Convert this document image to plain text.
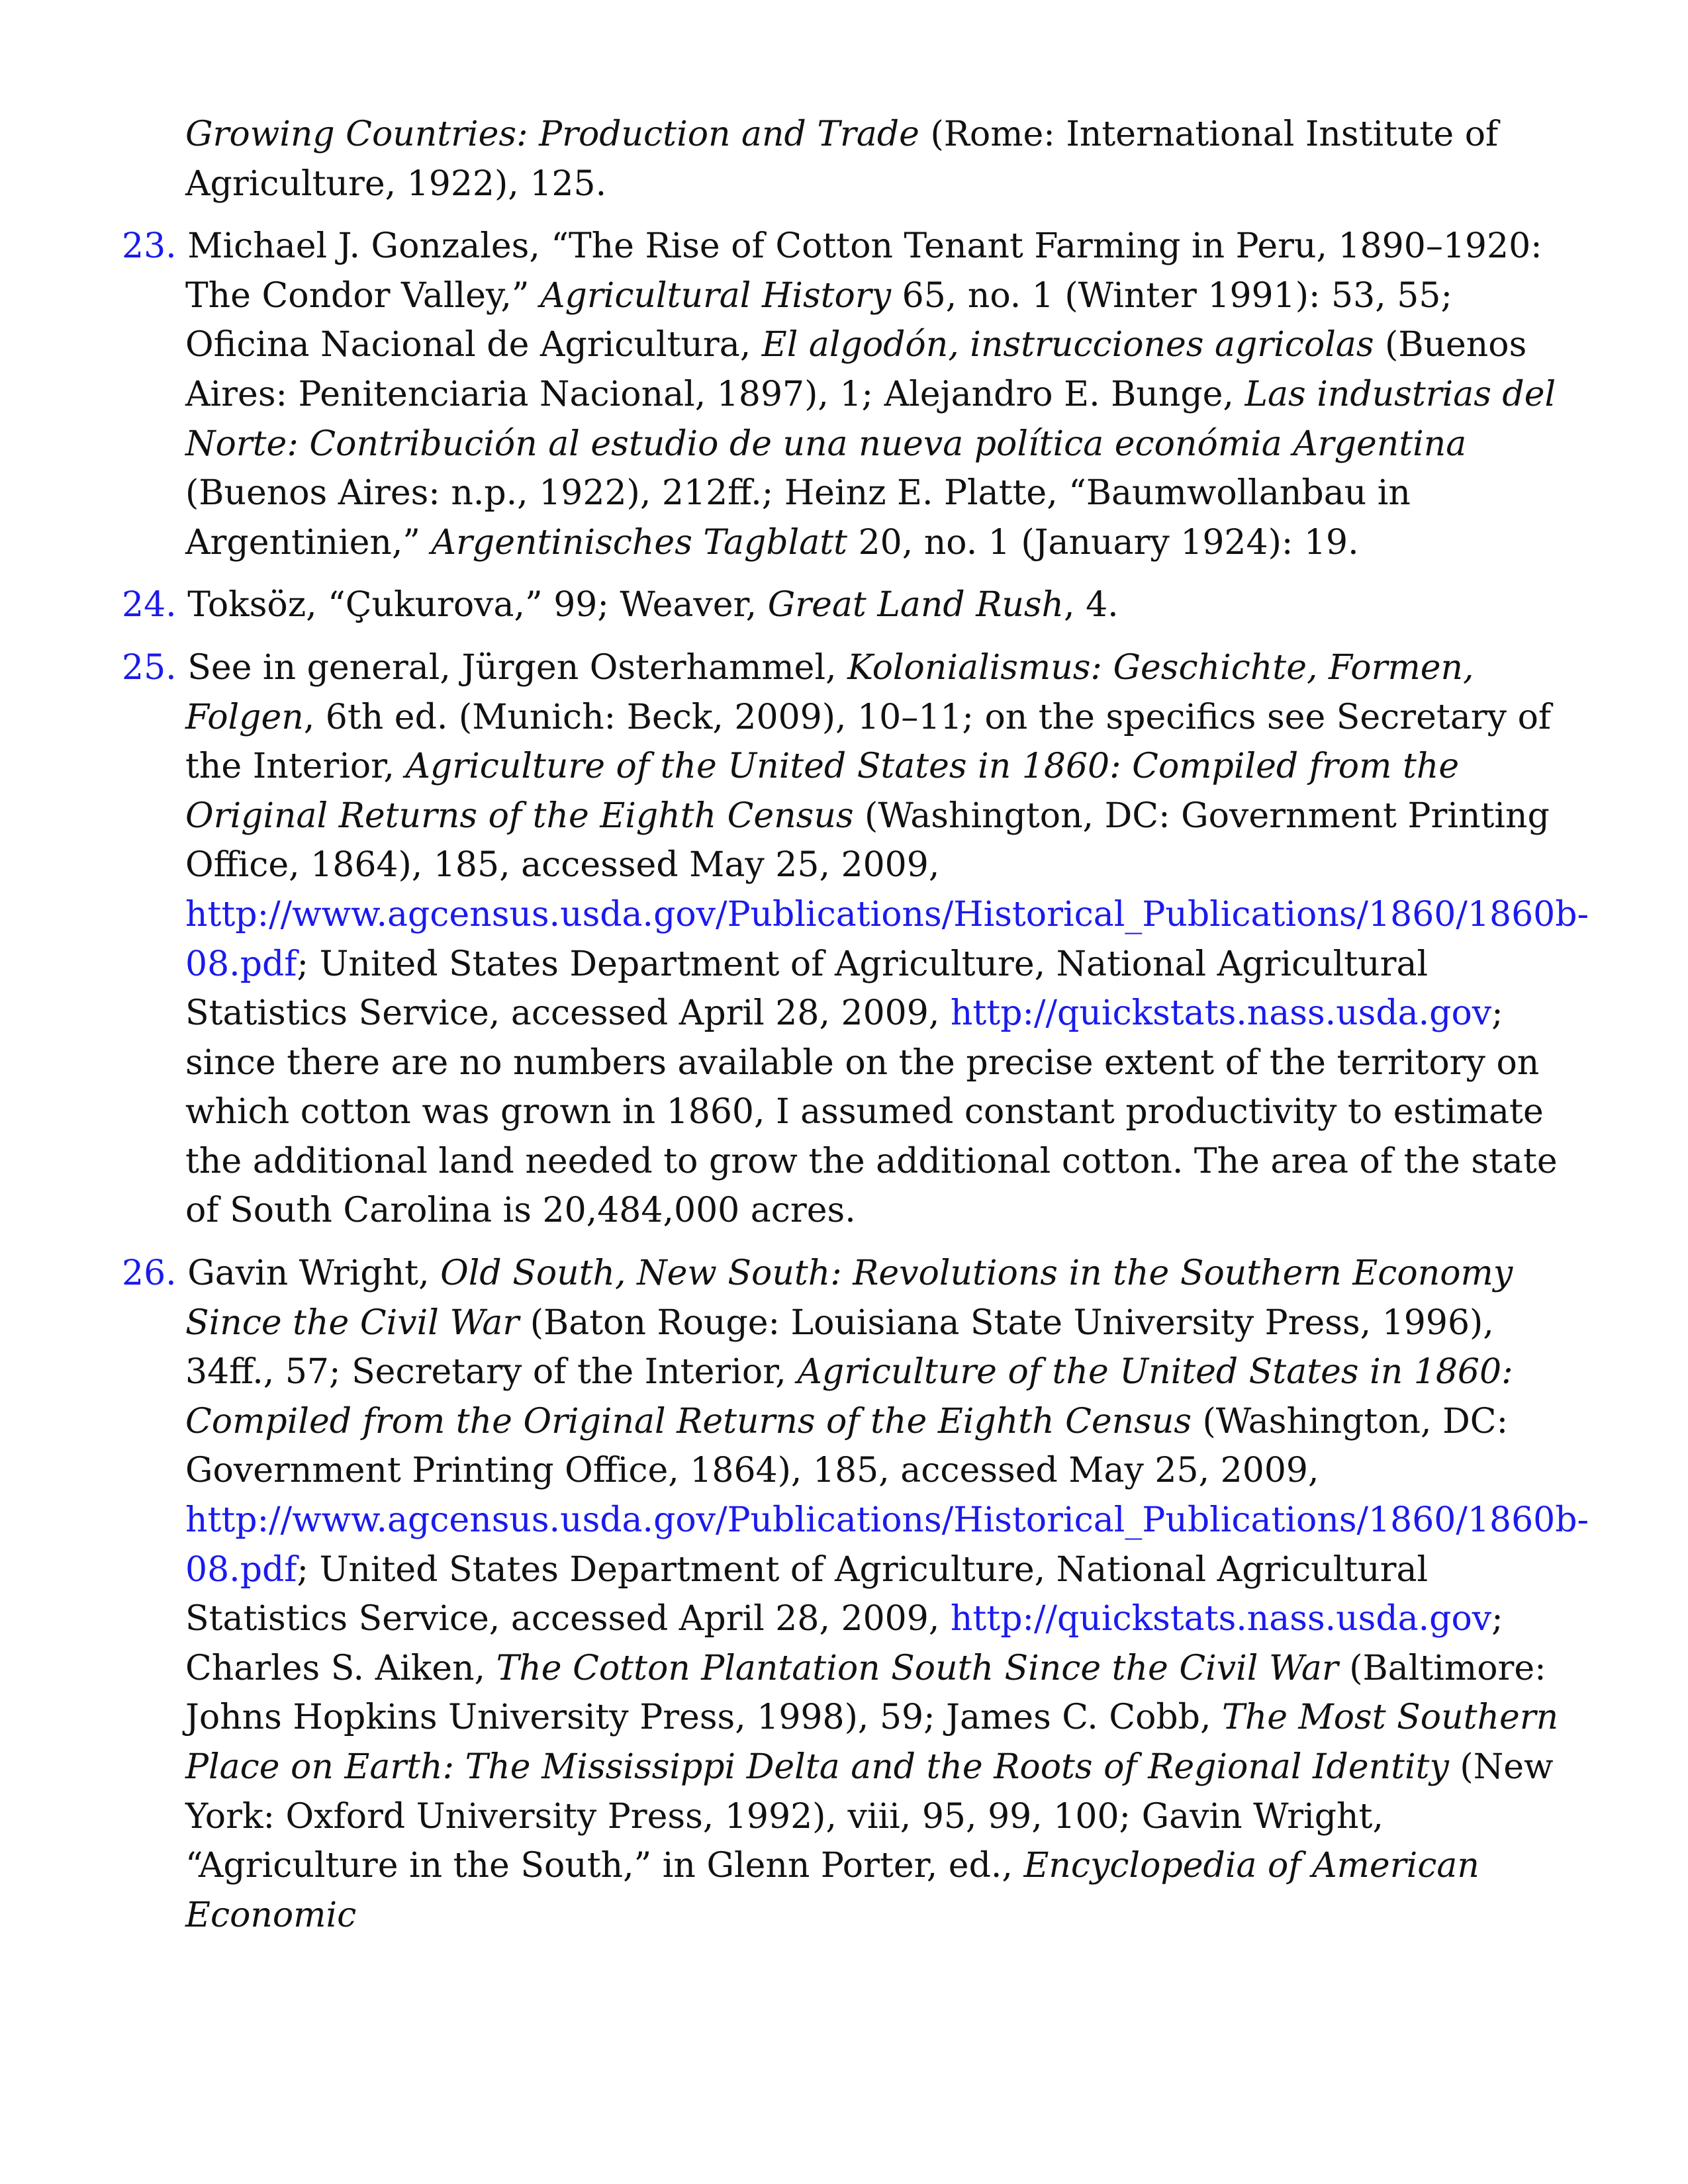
Growing Countries: Production and Trade (Rome: International Institute of Agriculture, 1922), 125.

23. Michael J. Gonzales, “The Rise of Cotton Tenant Farming in Peru, 1890–1920: The Condor Valley,” Agricultural History 65, no. 1 (Winter 1991): 53, 55; Oficina Nacional de Agricultura, El algodón, instrucciones agricolas (Buenos Aires: Penitenciaria Nacional, 1897), 1; Alejandro E. Bunge, Las industrias del Norte: Contribución al estudio de una nueva política económia Argentina (Buenos Aires: n.p., 1922), 212ff.; Heinz E. Platte, “Baumwollanbau in Argentinien,” Argentinisches Tagblatt 20, no. 1 (January 1924): 19.

24. Toksöz, “Çukurova,” 99; Weaver, Great Land Rush, 4.

25. See in general, Jürgen Osterhammel, Kolonialismus: Geschichte, Formen, Folgen, 6th ed. (Munich: Beck, 2009), 10–11; on the specifics see Secretary of the Interior, Agriculture of the United States in 1860: Compiled from the Original Returns of the Eighth Census (Washington, DC: Government Printing Office, 1864), 185, accessed May 25, 2009, http://www.agcensus.usda.gov/Publications/Historical_Publications/1860/1860b-08.pdf; United States Department of Agriculture, National Agricultural Statistics Service, accessed April 28, 2009, http://quickstats.nass.usda.gov; since there are no numbers available on the precise extent of the territory on which cotton was grown in 1860, I assumed constant productivity to estimate the additional land needed to grow the additional cotton. The area of the state of South Carolina is 20,484,000 acres.

26. Gavin Wright, Old South, New South: Revolutions in the Southern Economy Since the Civil War (Baton Rouge: Louisiana State University Press, 1996), 34ff., 57; Secretary of the Interior, Agriculture of the United States in 1860: Compiled from the Original Returns of the Eighth Census (Washington, DC: Government Printing Office, 1864), 185, accessed May 25, 2009, http://www.agcensus.usda.gov/Publications/Historical_Publications/1860/1860b-08.pdf; United States Department of Agriculture, National Agricultural Statistics Service, accessed April 28, 2009, http://quickstats.nass.usda.gov; Charles S. Aiken, The Cotton Plantation South Since the Civil War (Baltimore: Johns Hopkins University Press, 1998), 59; James C. Cobb, The Most Southern Place on Earth: The Mississippi Delta and the Roots of Regional Identity (New York: Oxford University Press, 1992), viii, 95, 99, 100; Gavin Wright, “Agriculture in the South,” in Glenn Porter, ed., Encyclopedia of American Economic
